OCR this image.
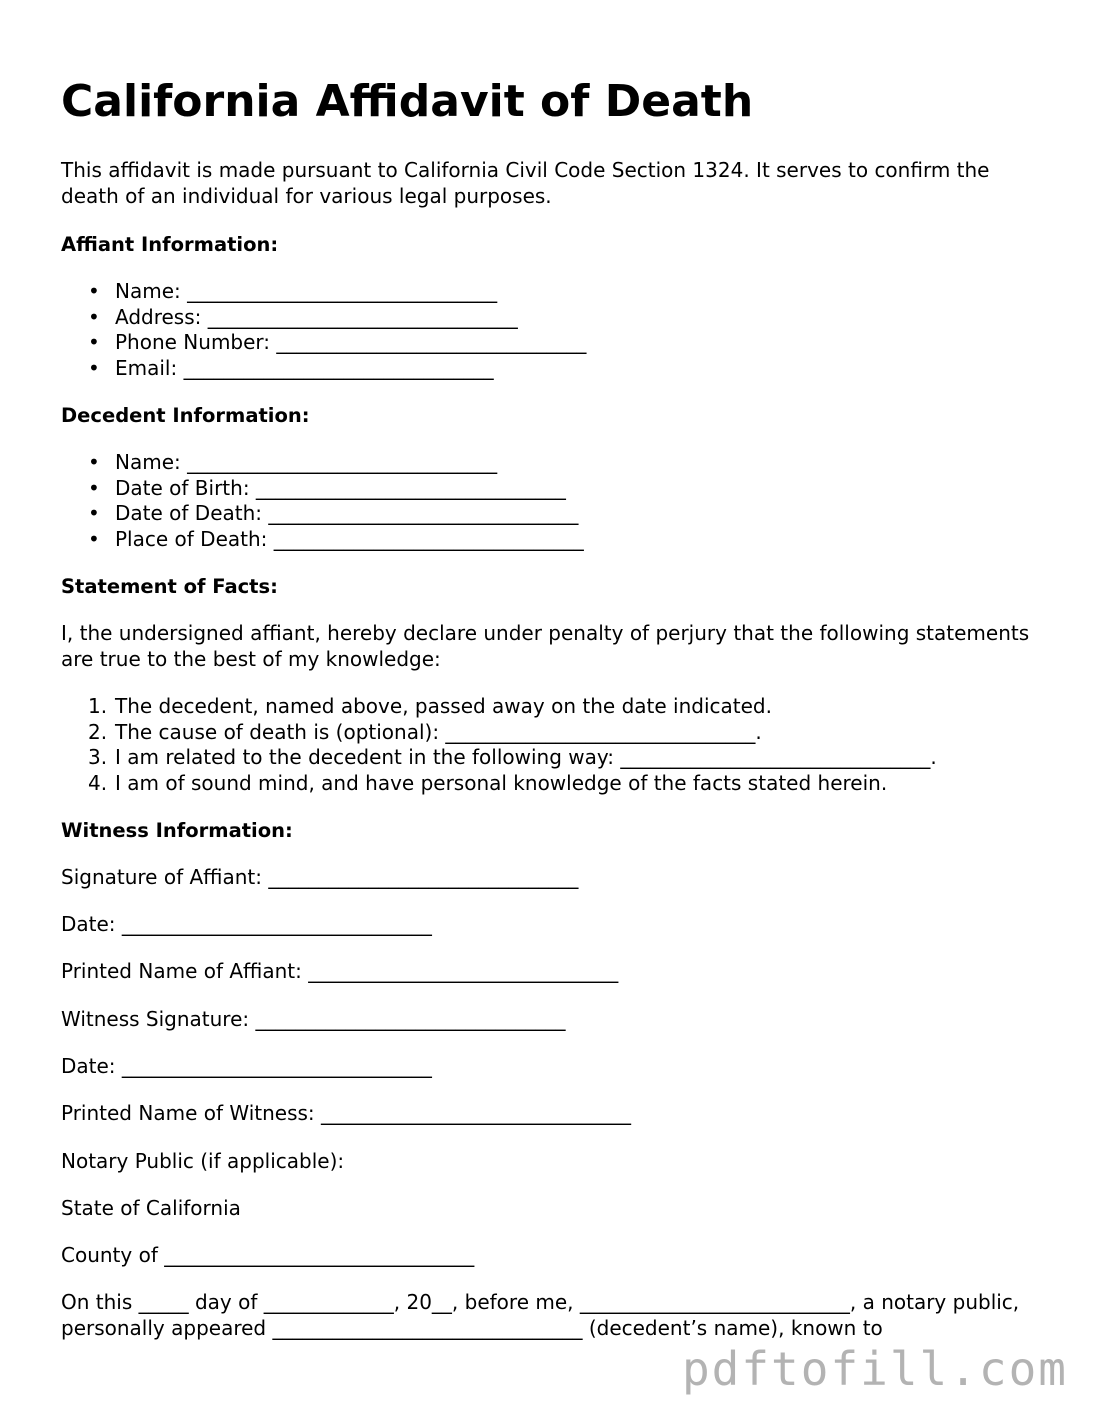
California Affidavit of Death

This affidavit is made pursuant to California Civil Code Section 1324. It serves to confirm the death of an individual for various legal purposes.

Affiant Information:
• Name: _______________________________
• Address: _______________________________
• Phone Number: _______________________________
• Email: _______________________________
Decedent Information:
• Name: _______________________________
• Date of Birth: _______________________________
• Date of Death: _______________________________
• Place of Death: _______________________________
Statement of Facts:

I, the undersigned affiant, hereby declare under penalty of perjury that the following statements are true to the best of my knowledge:

1. The decedent, named above, passed away on the date indicated.
2. The cause of death is (optional): _______________________________.
3. I am related to the decedent in the following way: _______________________________.
4. I am of sound mind, and have personal knowledge of the facts stated herein.
Witness Information:

Signature of Affiant: _______________________________

Date: _______________________________

Printed Name of Affiant: _______________________________

Witness Signature: _______________________________

Date: _______________________________

Printed Name of Witness: _______________________________

Notary Public (if applicable):

State of California

County of _______________________________

On this _____ day of _____________, 20__, before me, ___________________________, a notary public, personally appeared _______________________________ (decedent’s name), known to

pdftofill.com
